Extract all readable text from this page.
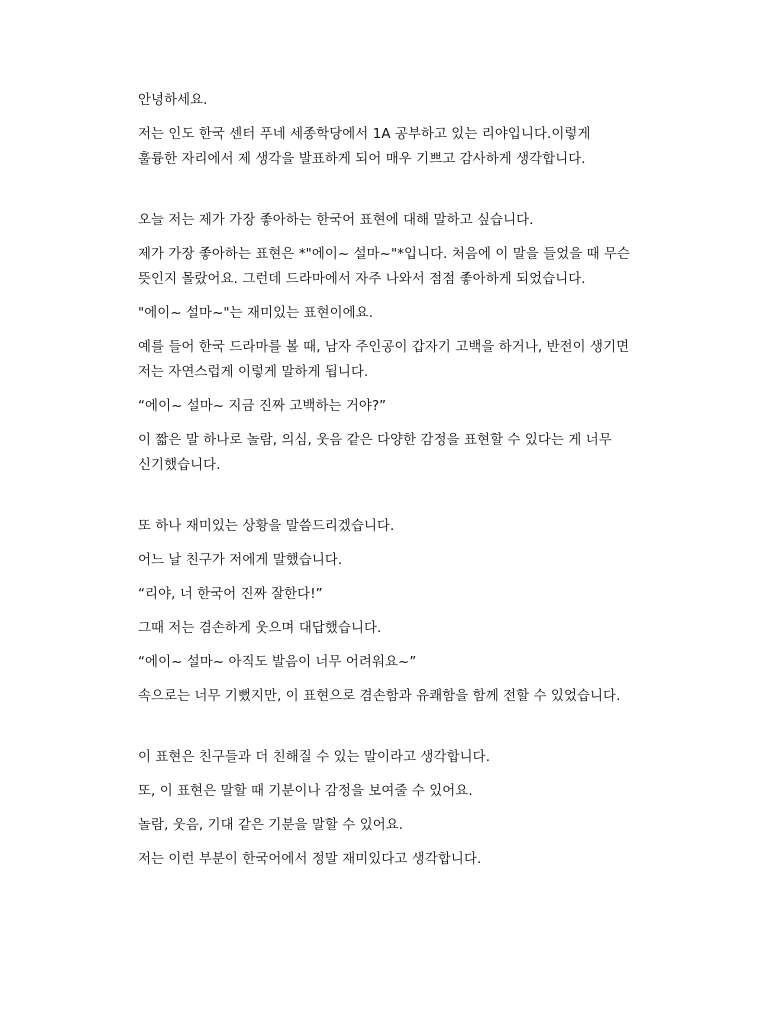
안녕하세요.

저는 인도 한국 센터 푸네 세종학당에서 1A 공부하고 있는 리야입니다.이렇게
훌륭한 자리에서 제 생각을 발표하게 되어 매우 기쁘고 감사하게 생각합니다.

오늘 저는 제가 가장 좋아하는 한국어 표현에 대해 말하고 싶습니다.

제가 가장 좋아하는 표현은 *"에이~ 설마~"*입니다. 처음에 이 말을 들었을 때 무슨
뜻인지 몰랐어요. 그런데 드라마에서 자주 나와서 점점 좋아하게 되었습니다.

"에이~ 설마~"는 재미있는 표현이에요.

예를 들어 한국 드라마를 볼 때, 남자 주인공이 갑자기 고백을 하거나, 반전이 생기면
저는 자연스럽게 이렇게 말하게 됩니다.

“에이~ 설마~ 지금 진짜 고백하는 거야?”

이 짧은 말 하나로 놀람, 의심, 웃음 같은 다양한 감정을 표현할 수 있다는 게 너무
신기했습니다.

또 하나 재미있는 상황을 말씀드리겠습니다.

어느 날 친구가 저에게 말했습니다.

“리야, 너 한국어 진짜 잘한다!”

그때 저는 겸손하게 웃으며 대답했습니다.

“에이~ 설마~ 아직도 발음이 너무 어려워요~”

속으로는 너무 기뻤지만, 이 표현으로 겸손함과 유쾌함을 함께 전할 수 있었습니다.

이 표현은 친구들과 더 친해질 수 있는 말이라고 생각합니다.

또, 이 표현은 말할 때 기분이나 감정을 보여줄 수 있어요.

놀람, 웃음, 기대 같은 기분을 말할 수 있어요.

저는 이런 부분이 한국어에서 정말 재미있다고 생각합니다.
